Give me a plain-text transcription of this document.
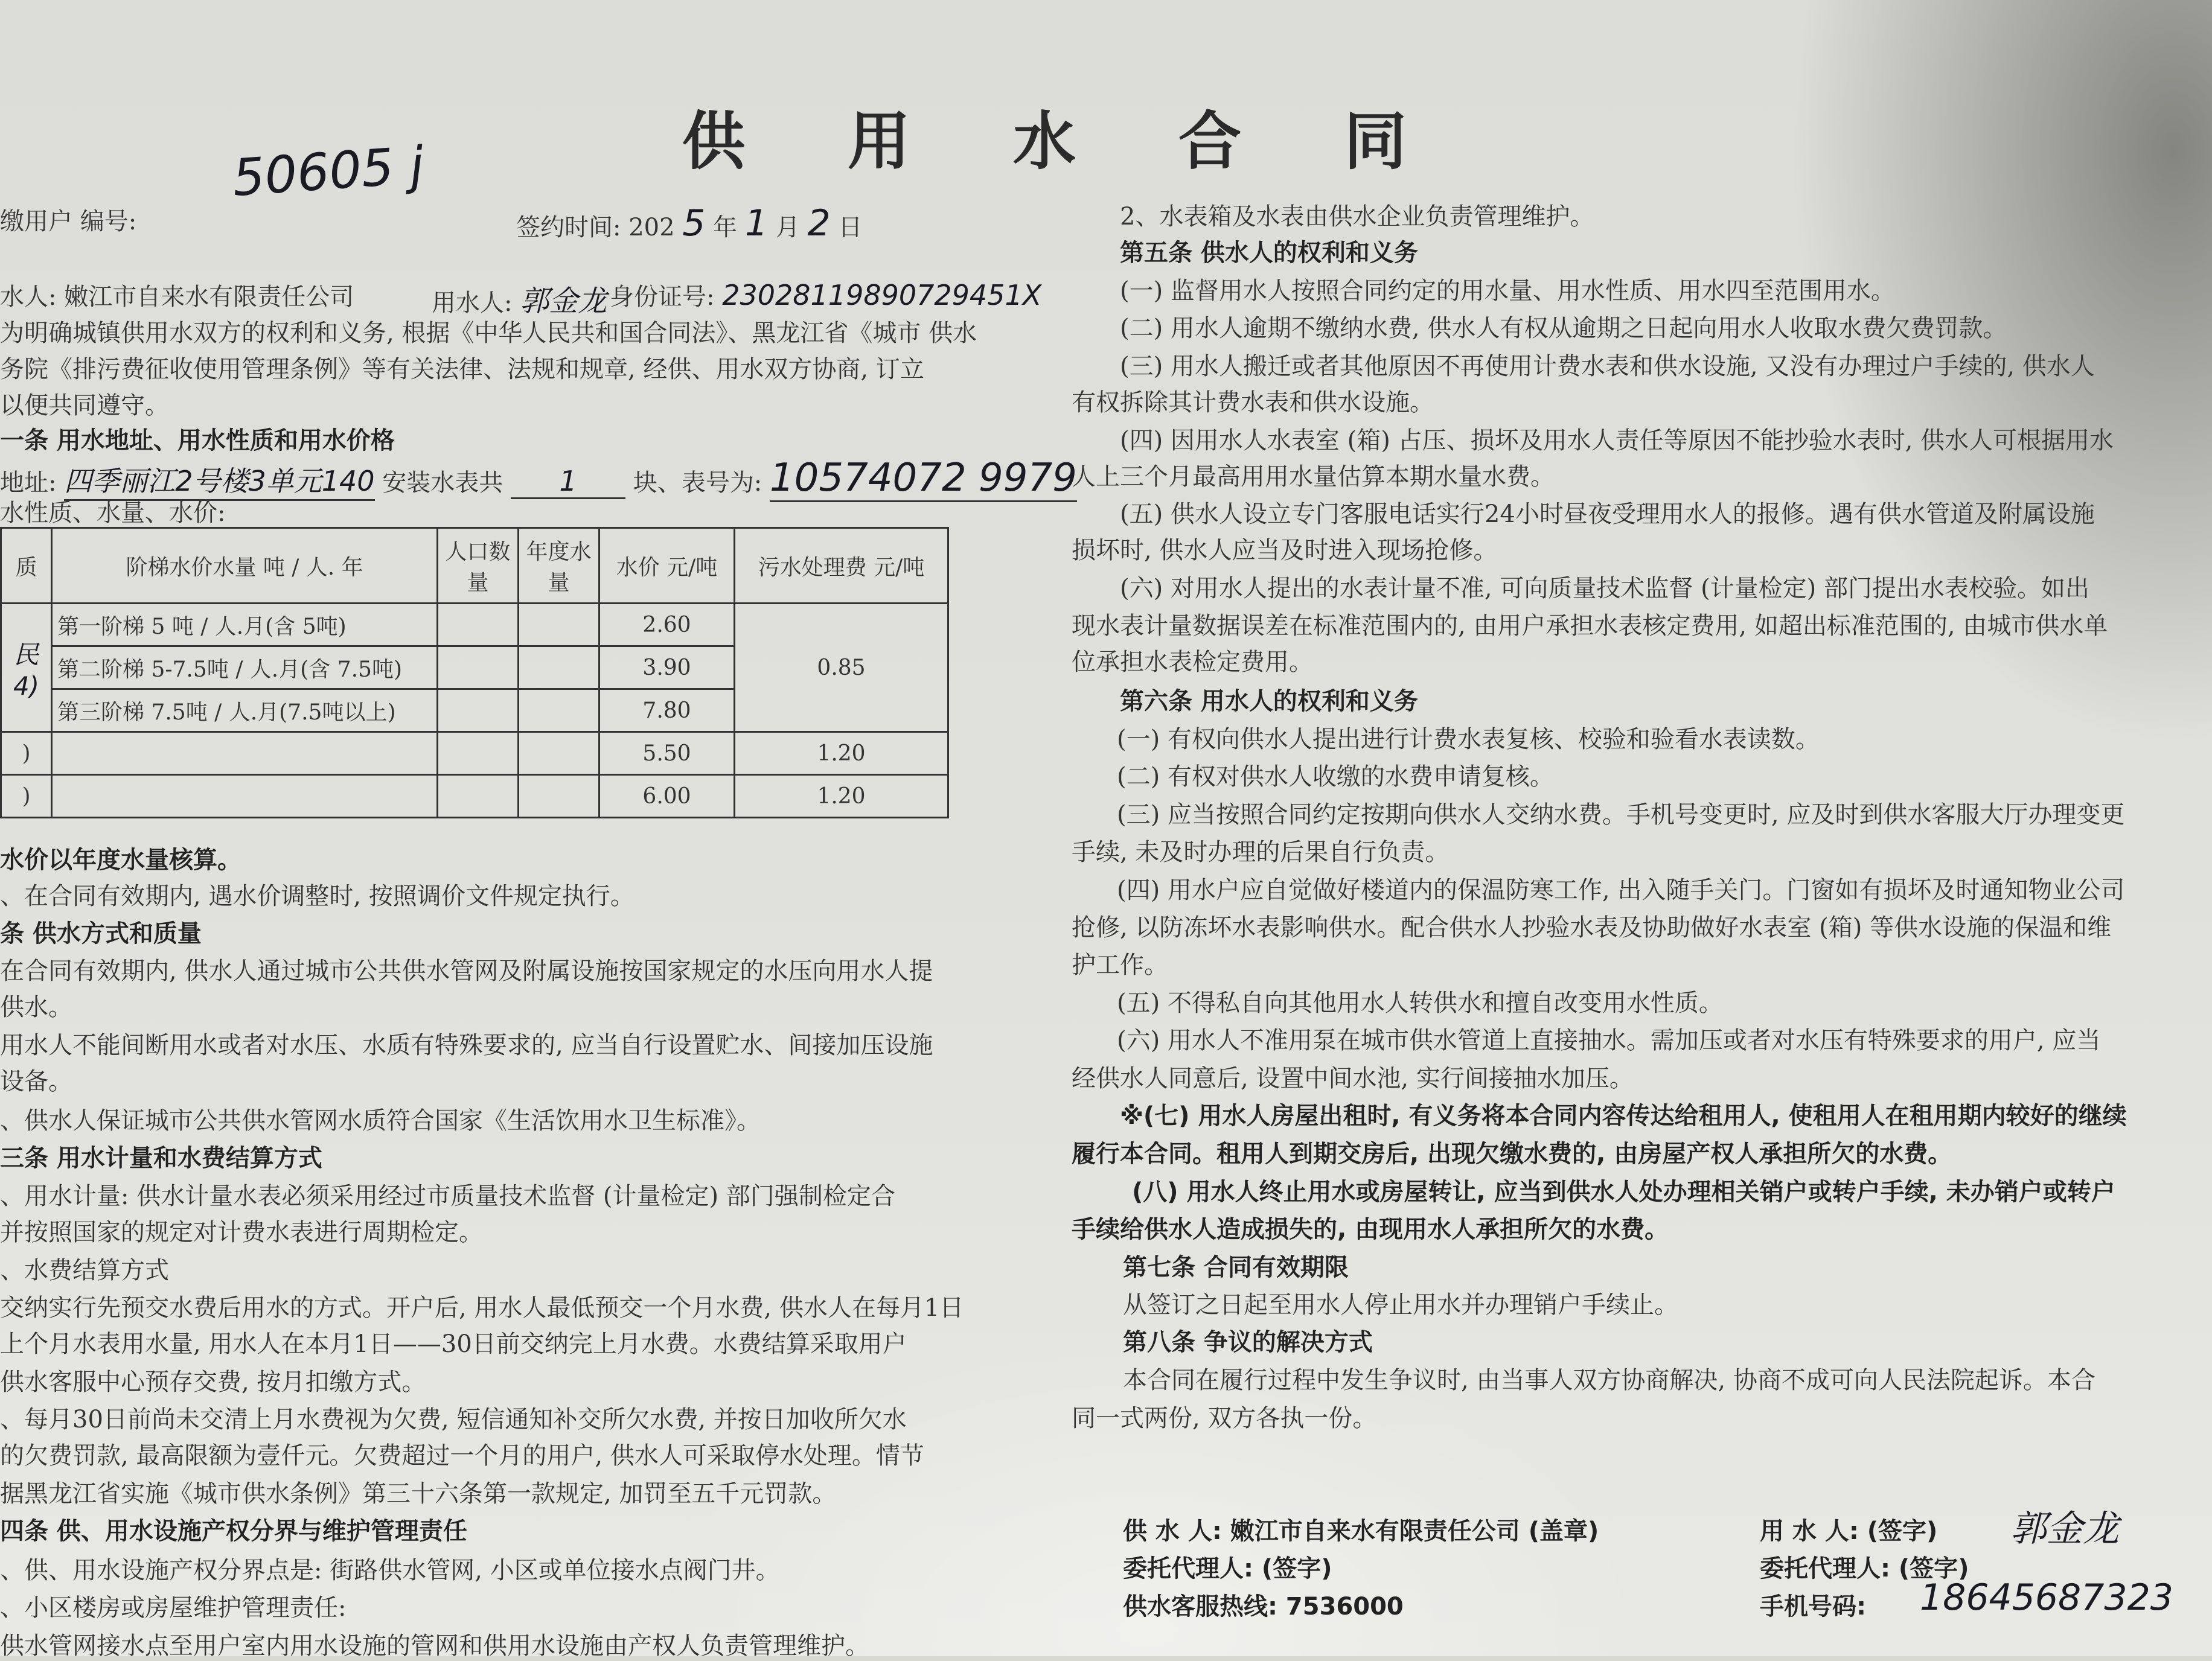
供 用 水 合 同
50605 j
缴用户 编号:	签约时间: 202 5 年 1 月 2 日
水人: 嫩江市自来水有限责任公司	用水人: 郭金龙 身份证号: 23028119890729451X
为明确城镇供用水双方的权利和义务, 根据《中华人民共和国合同法》、黑龙江省《城市 供水
务院《排污费征收使用管理条例》等有关法律、法规和规章, 经供、用水双方协商, 订立
以便共同遵守。
一条 用水地址、用水性质和用水价格
地址: 四季丽江2号楼3单元140 安装水表共 1 块、表号为: 10574072 9979
水性质、水量、水价:
质	阶梯水价水量 吨 / 人. 年	人口数量	年度水量	水价 元/吨	污水处理费 元/吨

民
4)	第一阶梯 5 吨 / 人.月(含 5吨)			2.60	0.85
	第二阶梯 5-7.5吨 / 人.月(含 7.5吨)			3.90	
	第三阶梯 7.5吨 / 人.月(7.5吨以上)			7.80	
)				5.50	1.20
)				6.00	1.20
水价以年度水量核算。
、在合同有效期内, 遇水价调整时, 按照调价文件规定执行。
条 供水方式和质量
在合同有效期内, 供水人通过城市公共供水管网及附属设施按国家规定的水压向用水人提
供水。
用水人不能间断用水或者对水压、水质有特殊要求的, 应当自行设置贮水、间接加压设施
设备。
、供水人保证城市公共供水管网水质符合国家《生活饮用水卫生标准》。
三条 用水计量和水费结算方式
、用水计量: 供水计量水表必须采用经过市质量技术监督 (计量检定) 部门强制检定合
并按照国家的规定对计费水表进行周期检定。
、水费结算方式
交纳实行先预交水费后用水的方式。开户后, 用水人最低预交一个月水费, 供水人在每月1日
上个月水表用水量, 用水人在本月1日——30日前交纳完上月水费。水费结算采取用户
供水客服中心预存交费, 按月扣缴方式。
、每月30日前尚未交清上月水费视为欠费, 短信通知补交所欠水费, 并按日加收所欠水
的欠费罚款, 最高限额为壹仟元。欠费超过一个月的用户, 供水人可采取停水处理。情节
据黑龙江省实施《城市供水条例》第三十六条第一款规定, 加罚至五千元罚款。
四条 供、用水设施产权分界与维护管理责任
、供、用水设施产权分界点是: 街路供水管网, 小区或单位接水点阀门井。
、小区楼房或房屋维护管理责任:
供水管网接水点至用户室内用水设施的管网和供用水设施由产权人负责管理维护。
2、水表箱及水表由供水企业负责管理维护。
第五条 供水人的权利和义务
(一) 监督用水人按照合同约定的用水量、用水性质、用水四至范围用水。
(二) 用水人逾期不缴纳水费, 供水人有权从逾期之日起向用水人收取水费欠费罚款。
(三) 用水人搬迁或者其他原因不再使用计费水表和供水设施, 又没有办理过户手续的, 供水人
有权拆除其计费水表和供水设施。
(四) 因用水人水表室 (箱) 占压、损坏及用水人责任等原因不能抄验水表时, 供水人可根据用水
人上三个月最高用用水量估算本期水量水费。
(五) 供水人设立专门客服电话实行24小时昼夜受理用水人的报修。遇有供水管道及附属设施
损坏时, 供水人应当及时进入现场抢修。
(六) 对用水人提出的水表计量不准, 可向质量技术监督 (计量检定) 部门提出水表校验。如出
现水表计量数据误差在标准范围内的, 由用户承担水表核定费用, 如超出标准范围的, 由城市供水单
位承担水表检定费用。
第六条 用水人的权利和义务
(一) 有权向供水人提出进行计费水表复核、校验和验看水表读数。
(二) 有权对供水人收缴的水费申请复核。
(三) 应当按照合同约定按期向供水人交纳水费。手机号变更时, 应及时到供水客服大厅办理变更
手续, 未及时办理的后果自行负责。
(四) 用水户应自觉做好楼道内的保温防寒工作, 出入随手关门。门窗如有损坏及时通知物业公司
抢修, 以防冻坏水表影响供水。配合供水人抄验水表及协助做好水表室 (箱) 等供水设施的保温和维
护工作。
(五) 不得私自向其他用水人转供水和擅自改变用水性质。
(六) 用水人不准用泵在城市供水管道上直接抽水。需加压或者对水压有特殊要求的用户, 应当
经供水人同意后, 设置中间水池, 实行间接抽水加压。
※(七) 用水人房屋出租时, 有义务将本合同内容传达给租用人, 使租用人在租用期内较好的继续
履行本合同。租用人到期交房后, 出现欠缴水费的, 由房屋产权人承担所欠的水费。
(八) 用水人终止用水或房屋转让, 应当到供水人处办理相关销户或转户手续, 未办销户或转户
手续给供水人造成损失的, 由现用水人承担所欠的水费。
第七条 合同有效期限
从签订之日起至用水人停止用水并办理销户手续止。
第八条 争议的解决方式
本合同在履行过程中发生争议时, 由当事人双方协商解决, 协商不成可向人民法院起诉。本合
同一式两份, 双方各执一份。
供 水 人: 嫩江市自来水有限责任公司 (盖章)
委托代理人: (签字)
供水客服热线: 7536000
用 水 人: (签字) 郭金龙
委托代理人: (签字)
手机号码: 18645687323
